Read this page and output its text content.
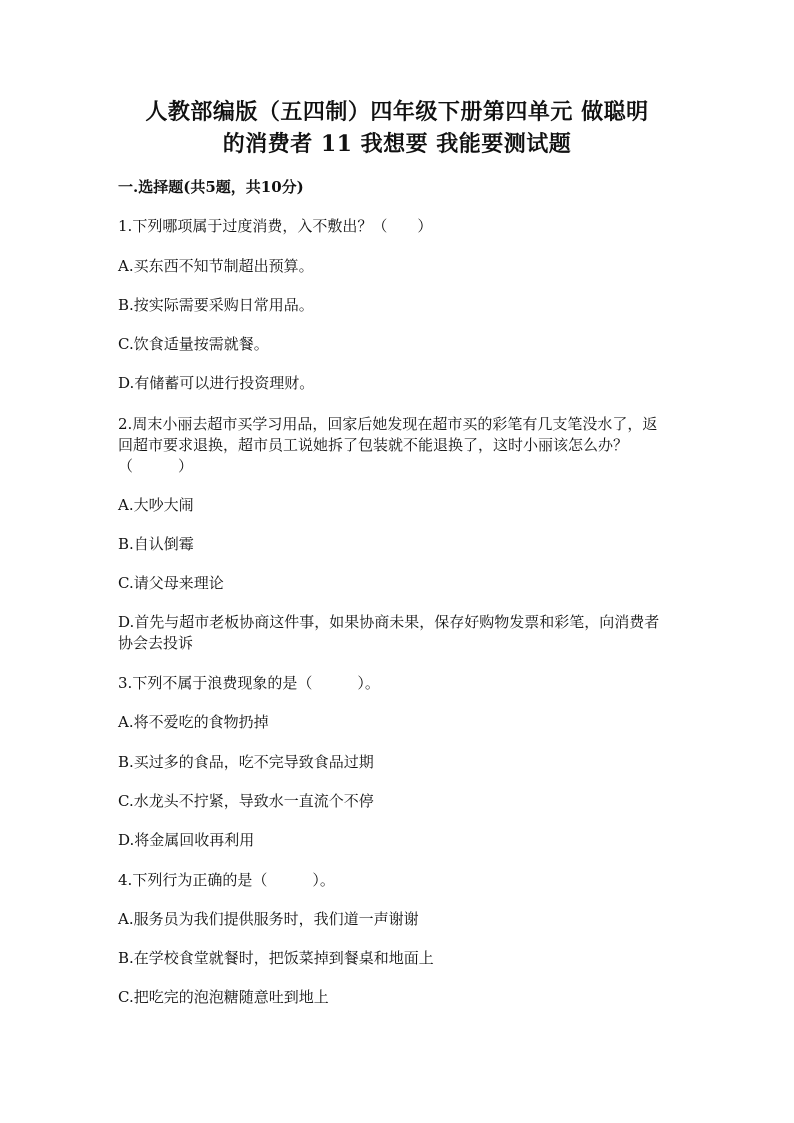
人教部编版（五四制）四年级下册第四单元 做聪明
的消费者 11 我想要 我能要测试题
一.选择题(共5题，共10分)
1.下列哪项属于过度消费，入不敷出？（　　）
A.买东西不知节制超出预算。
B.按实际需要采购日常用品。
C.饮食适量按需就餐。
D.有储蓄可以进行投资理财。
2.周末小丽去超市买学习用品，回家后她发现在超市买的彩笔有几支笔没水了，返回超市要求退换，超市员工说她拆了包装就不能退换了，这时小丽该怎么办？（　　　）
A.大吵大闹
B.自认倒霉
C.请父母来理论
D.首先与超市老板协商这件事，如果协商未果，保存好购物发票和彩笔，向消费者协会去投诉
3.下列不属于浪费现象的是（　　　）。
A.将不爱吃的食物扔掉
B.买过多的食品，吃不完导致食品过期
C.水龙头不拧紧，导致水一直流个不停
D.将金属回收再利用
4.下列行为正确的是（　　　）。
A.服务员为我们提供服务时，我们道一声谢谢
B.在学校食堂就餐时，把饭菜掉到餐桌和地面上
C.把吃完的泡泡糖随意吐到地上
